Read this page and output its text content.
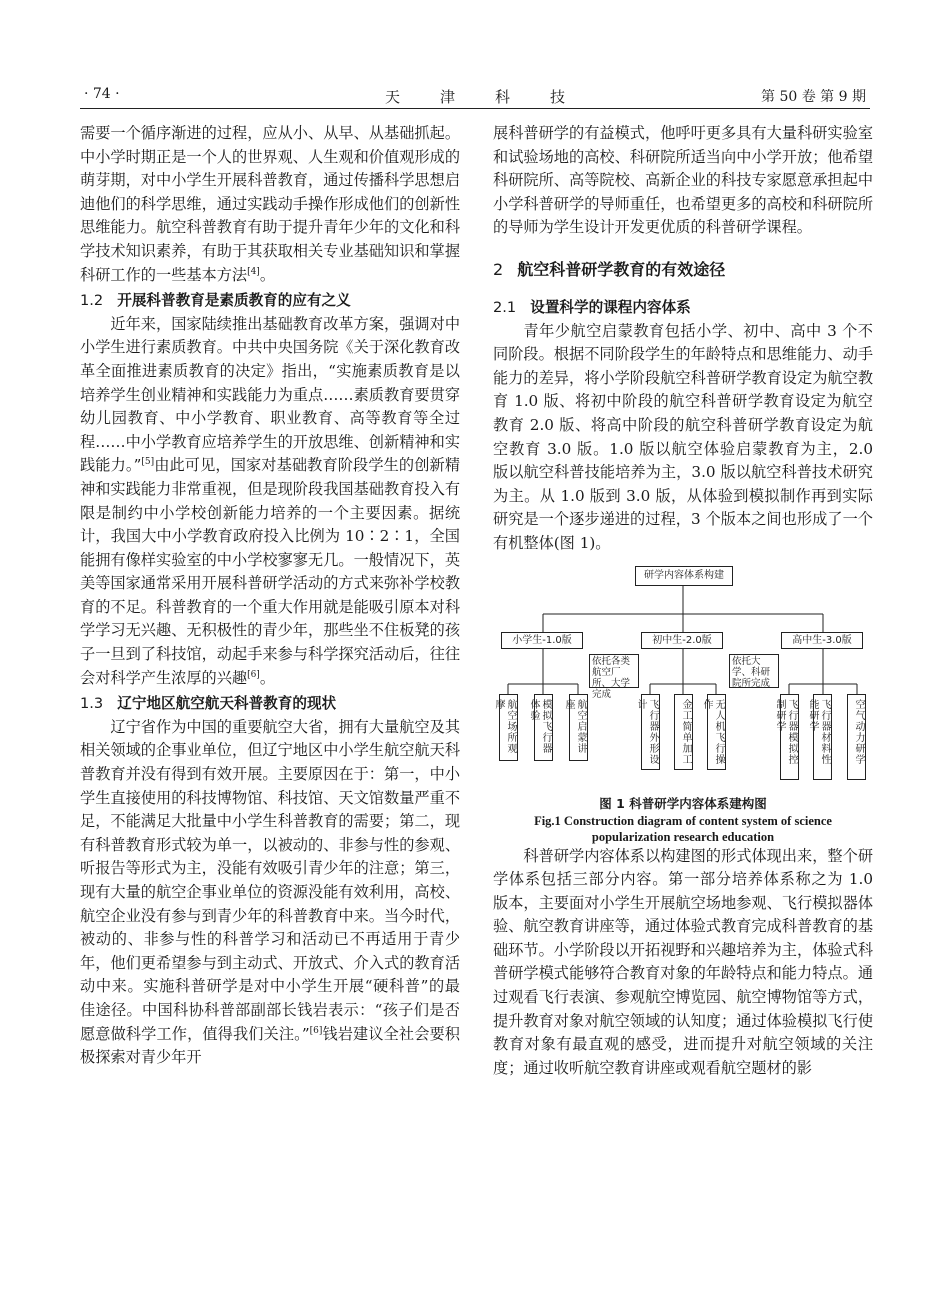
· 74 ·	天津科技	第 50 卷 第 9 期

需要一个循序渐进的过程，应从小、从早、从基础抓起。中小学时期正是一个人的世界观、人生观和价值观形成的萌芽期，对中小学生开展科普教育，通过传播科学思想启迪他们的科学思维，通过实践动手操作形成他们的创新性思维能力。航空科普教育有助于提升青年少年的文化和科学技术知识素养，有助于其获取相关专业基础知识和掌握科研工作的一些基本方法[4]。

1.2 开展科普教育是素质教育的应有之义

近年来，国家陆续推出基础教育改革方案，强调对中小学生进行素质教育。中共中央国务院《关于深化教育改革全面推进素质教育的决定》指出，“实施素质教育是以培养学生创业精神和实践能力为重点……素质教育要贯穿幼儿园教育、中小学教育、职业教育、高等教育等全过程……中小学教育应培养学生的开放思维、创新精神和实践能力。”[5]由此可见，国家对基础教育阶段学生的创新精神和实践能力非常重视，但是现阶段我国基础教育投入有限是制约中小学校创新能力培养的一个主要因素。据统计，我国大中小学教育政府投入比例为 10∶2∶1，全国能拥有像样实验室的中小学校寥寥无几。一般情况下，英美等国家通常采用开展科普研学活动的方式来弥补学校教育的不足。科普教育的一个重大作用就是能吸引原本对科学学习无兴趣、无积极性的青少年，那些坐不住板凳的孩子一旦到了科技馆，动起手来参与科学探究活动后，往往会对科学产生浓厚的兴趣[6]。

1.3 辽宁地区航空航天科普教育的现状

辽宁省作为中国的重要航空大省，拥有大量航空及其相关领域的企事业单位，但辽宁地区中小学生航空航天科普教育并没有得到有效开展。主要原因在于：第一，中小学生直接使用的科技博物馆、科技馆、天文馆数量严重不足，不能满足大批量中小学生科普教育的需要；第二，现有科普教育形式较为单一，以被动的、非参与性的参观、听报告等形式为主，没能有效吸引青少年的注意；第三，现有大量的航空企事业单位的资源没能有效利用，高校、航空企业没有参与到青少年的科普教育中来。当今时代，被动的、非参与性的科普学习和活动已不再适用于青少年，他们更希望参与到主动式、开放式、介入式的教育活动中来。实施科普研学是对中小学生开展“硬科普”的最佳途径。中国科协科普部副部长钱岩表示：“孩子们是否愿意做科学工作，值得我们关注。”[6]钱岩建议全社会要积极探索对青少年开

展科普研学的有益模式，他呼吁更多具有大量科研实验室和试验场地的高校、科研院所适当向中小学开放；他希望科研院所、高等院校、高新企业的科技专家愿意承担起中小学科普研学的导师重任，也希望更多的高校和科研院所的导师为学生设计开发更优质的科普研学课程。

2 航空科普研学教育的有效途径
2.1 设置科学的课程内容体系

青年少航空启蒙教育包括小学、初中、高中 3 个不同阶段。根据不同阶段学生的年龄特点和思维能力、动手能力的差异，将小学阶段航空科普研学教育设定为航空教育 1.0 版、将初中阶段的航空科普研学教育设定为航空教育 2.0 版、将高中阶段的航空科普研学教育设定为航空教育 3.0 版。1.0 版以航空体验启蒙教育为主，2.0 版以航空科普技能培养为主，3.0 版以航空科普技术研究为主。从 1.0 版到 3.0 版，从体验到模拟制作再到实际研究是一个逐步递进的过程，3 个版本之间也形成了一个有机整体(图 1)。

研学内容体系构建
小学生-1.0版	初中生-2.0版	高中生-3.0版
依托各类航空厂所、大学完成
依托大学、科研院所完成
航空场所观摩	模拟飞行器体验	航空启蒙讲座	飞行器外形设计	金工简单加工	无人机飞行操作	飞行器模拟控制研学	飞行器材料性能研学	空气动力研学
图 1 科普研学内容体系建构图
Fig.1 Construction diagram of content system of science
popularization research education

科普研学内容体系以构建图的形式体现出来，整个研学体系包括三部分内容。第一部分培养体系称之为 1.0 版本，主要面对小学生开展航空场地参观、飞行模拟器体验、航空教育讲座等，通过体验式教育完成科普教育的基础环节。小学阶段以开拓视野和兴趣培养为主，体验式科普研学模式能够符合教育对象的年龄特点和能力特点。通过观看飞行表演、参观航空博览园、航空博物馆等方式，提升教育对象对航空领域的认知度；通过体验模拟飞行使教育对象有最直观的感受，进而提升对航空领域的关注度；通过收听航空教育讲座或观看航空题材的影
